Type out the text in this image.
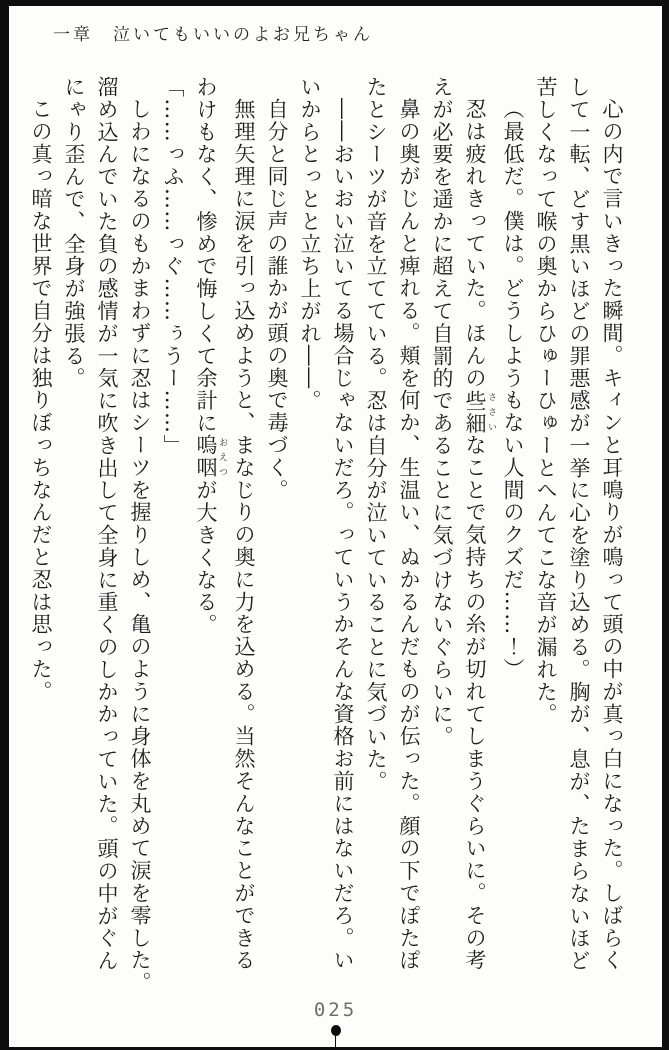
一章　泣いてもいいのよお兄ちゃん
心の内で言いきった瞬間。キィンと耳鳴りが鳴って頭の中が真っ白になった。しばらく
して一転、どす黒いほどの罪悪感が一挙に心を塗り込める。胸が、息が、たまらないほど
苦しくなって喉の奥からひゅーひゅーとへんてこな音が漏れた。
（最低だ。僕は。どうしようもない人間のクズだ……！）
忍は疲れきっていた。ほんの些細 ささいなことで気持ちの糸が切れてしまうぐらいに。その考
えが必要を遥かに超えて自罰的であることに気づけないぐらいに。
鼻の奥がじんと痺れる。頬を何か、生温い、ぬかるんだものが伝った。顔の下でぽたぽ
たとシーツが音を立てている。忍は自分が泣いていることに気づいた。
――おいおい泣いてる場合じゃないだろ。っていうかそんな資格お前にはないだろ。い
いからとっとと立ち上がれ――。
自分と同じ声の誰かが頭の奥で毒づく。
無理矢理に涙を引っ込めようと、まなじりの奥に力を込める。当然そんなことができる
わけもなく、惨めで悔しくて余計に嗚咽 おえつが大きくなる。
「……っふ……っぐ……ぅうー……」
しわになるのもかまわずに忍はシーツを握りしめ、亀のように身体を丸めて涙を零した。
溜め込んでいた負の感情が一気に吹き出して全身に重くのしかかっていた。頭の中がぐん
にゃり歪んで、全身が強張る。
この真っ暗な世界で自分は独りぼっちなんだと忍は思った。
025
